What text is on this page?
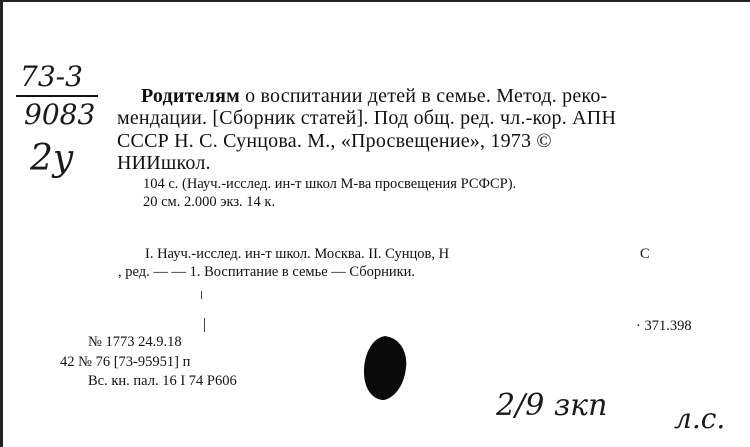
73-3
9083
2у
Родителям о воспитании детей в семье. Метод. реко-
мендации. [Сборник статей]. Под общ. ред. чл.-кор. АПН
СССР Н. С. Сунцова. М., «Просвещение», 1973 ©
НИИшкол.
104 с. (Науч.-исслед. ин-т школ М-ва просвещения РСФСР).
20 см. 2.000 экз. 14 к.
I. Науч.-исслед. ин-т школ. Москва. II. Сунцов, Н	С
, ред. — — 1. Воспитание в семье — Сборники.
№ 1773 24.9.18
· 371.398
42 № 76 [73-95951] п
Вс. кн. пал. 16 I 74 Р606
2/9 зкп л.с.
